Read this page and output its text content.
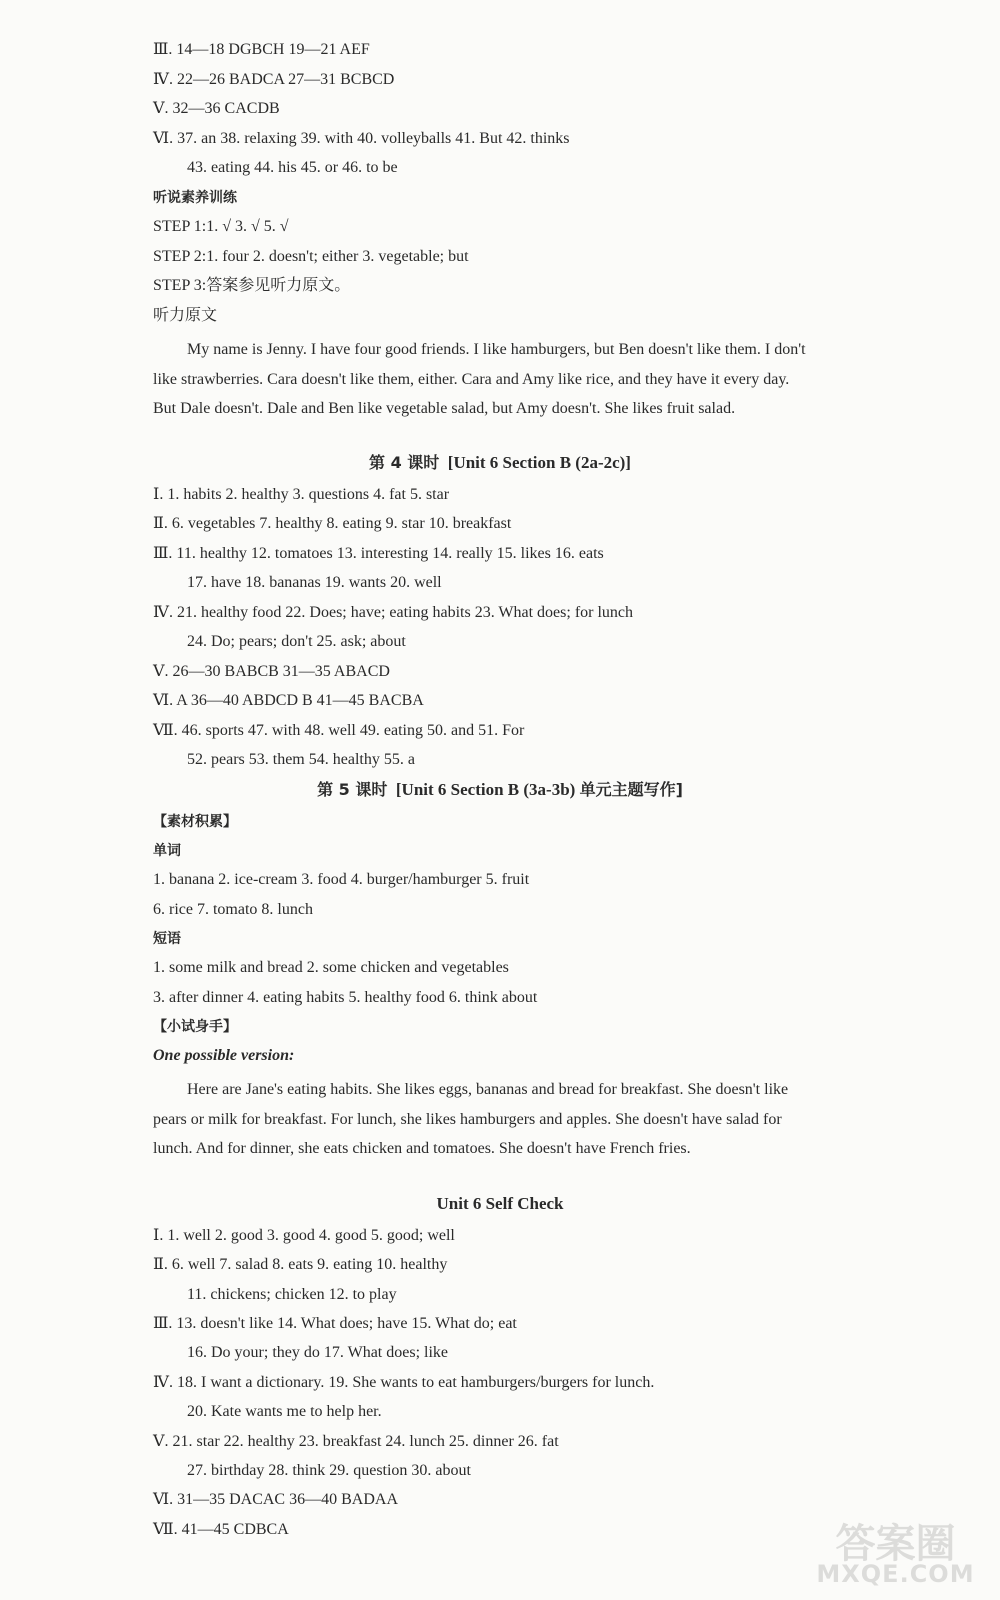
Ⅲ. 14—18 DGBCH 19—21 AEF
Ⅳ. 22—26 BADCA 27—31 BCBCD
Ⅴ. 32—36 CACDB
Ⅵ. 37. an 38. relaxing 39. with 40. volleyballs 41. But 42. thinks
43. eating 44. his 45. or 46. to be
听说素养训练
STEP 1:1. √ 3. √ 5. √
STEP 2:1. four 2. doesn't; either 3. vegetable; but
STEP 3:答案参见听力原文。
听力原文
My name is Jenny. I have four good friends. I like hamburgers, but Ben doesn't like them. I don't like strawberries. Cara doesn't like them, either. Cara and Amy like rice, and they have it every day. But Dale doesn't. Dale and Ben like vegetable salad, but Amy doesn't. She likes fruit salad.
第 4 课时 [Unit 6 Section B (2a-2c)]
Ⅰ. 1. habits 2. healthy 3. questions 4. fat 5. star
Ⅱ. 6. vegetables 7. healthy 8. eating 9. star 10. breakfast
Ⅲ. 11. healthy 12. tomatoes 13. interesting 14. really 15. likes 16. eats
17. have 18. bananas 19. wants 20. well
Ⅳ. 21. healthy food 22. Does; have; eating habits 23. What does; for lunch
24. Do; pears; don't 25. ask; about
Ⅴ. 26—30 BABCB 31—35 ABACD
Ⅵ. A 36—40 ABDCD B 41—45 BACBA
Ⅶ. 46. sports 47. with 48. well 49. eating 50. and 51. For
52. pears 53. them 54. healthy 55. a
第 5 课时 [Unit 6 Section B (3a-3b) 单元主题写作]
【素材积累】
单词
1. banana 2. ice-cream 3. food 4. burger/hamburger 5. fruit
6. rice 7. tomato 8. lunch
短语
1. some milk and bread 2. some chicken and vegetables
3. after dinner 4. eating habits 5. healthy food 6. think about
【小试身手】
One possible version:
Here are Jane's eating habits. She likes eggs, bananas and bread for breakfast. She doesn't like pears or milk for breakfast. For lunch, she likes hamburgers and apples. She doesn't have salad for lunch. And for dinner, she eats chicken and tomatoes. She doesn't have French fries.
Unit 6 Self Check
Ⅰ. 1. well 2. good 3. good 4. good 5. good; well
Ⅱ. 6. well 7. salad 8. eats 9. eating 10. healthy
11. chickens; chicken 12. to play
Ⅲ. 13. doesn't like 14. What does; have 15. What do; eat
16. Do your; they do 17. What does; like
Ⅳ. 18. I want a dictionary. 19. She wants to eat hamburgers/burgers for lunch.
20. Kate wants me to help her.
Ⅴ. 21. star 22. healthy 23. breakfast 24. lunch 25. dinner 26. fat
27. birthday 28. think 29. question 30. about
Ⅵ. 31—35 DACAC 36—40 BADAA
Ⅶ. 41—45 CDBCA	答案圈
MXQE.COM
